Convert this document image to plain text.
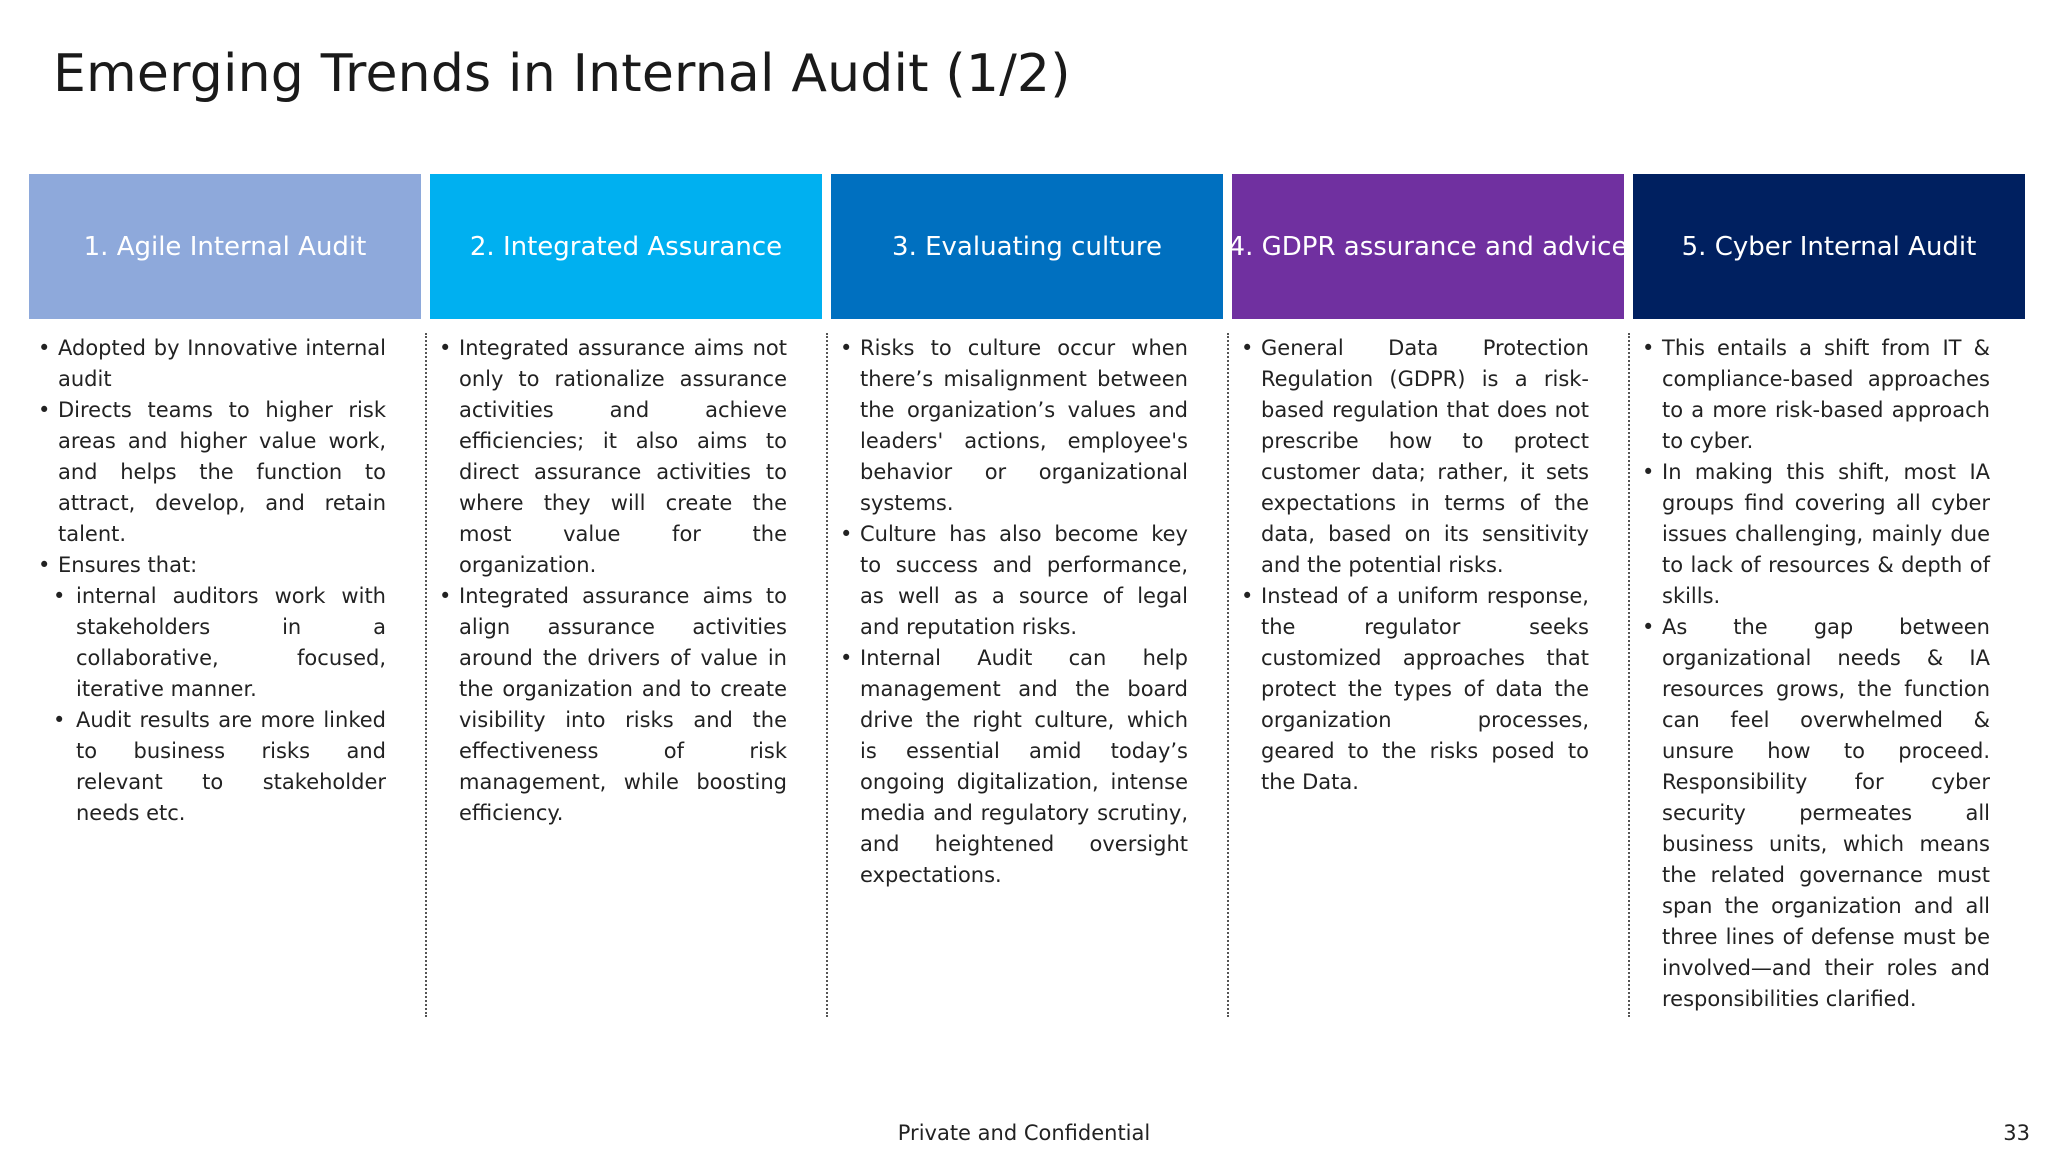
Emerging Trends in Internal Audit (1/2)
1. Agile Internal Audit	2. Integrated Assurance	3. Evaluating culture	4. GDPR assurance and advice 5. Cyber Internal Audit
• Adopted by Innovative internal audit
• Directs teams to higher risk areas and higher value work, and helps the function to attract, develop, and retain talent.
• Ensures that:
• internal auditors work with stakeholders in a collaborative, focused, iterative manner.
• Audit results are more linked to business risks and relevant to stakeholder needs etc.
• Integrated assurance aims not only to rationalize assurance activities and achieve efficiencies; it also aims to direct assurance activities to where they will create the most value for the organization.
• Integrated assurance aims to align assurance activities around the drivers of value in the organization and to create visibility into risks and the effectiveness of risk management, while boosting efficiency.
• Risks to culture occur when there’s misalignment between the organization’s values and leaders' actions, employee's behavior or organizational systems.
• Culture has also become key to success and performance, as well as a source of legal and reputation risks.
• Internal Audit can help management and the board drive the right culture, which is essential amid today’s ongoing digitalization, intense media and regulatory scrutiny, and heightened oversight expectations.
• General Data Protection Regulation (GDPR) is a risk-based regulation that does not prescribe how to protect customer data; rather, it sets expectations in terms of the data, based on its sensitivity and the potential risks.
• Instead of a uniform response, the regulator seeks customized approaches that protect the types of data the organization processes, geared to the risks posed to the Data.
• This entails a shift from IT & compliance-based approaches to a more risk-based approach to cyber.
• In making this shift, most IA groups find covering all cyber issues challenging, mainly due to lack of resources & depth of skills.
• As the gap between organizational needs & IA resources grows, the function can feel overwhelmed & unsure how to proceed. Responsibility for cyber security permeates all business units, which means the related governance must span the organization and all three lines of defense must be involved—and their roles and responsibilities clarified.
Private and Confidential	33
